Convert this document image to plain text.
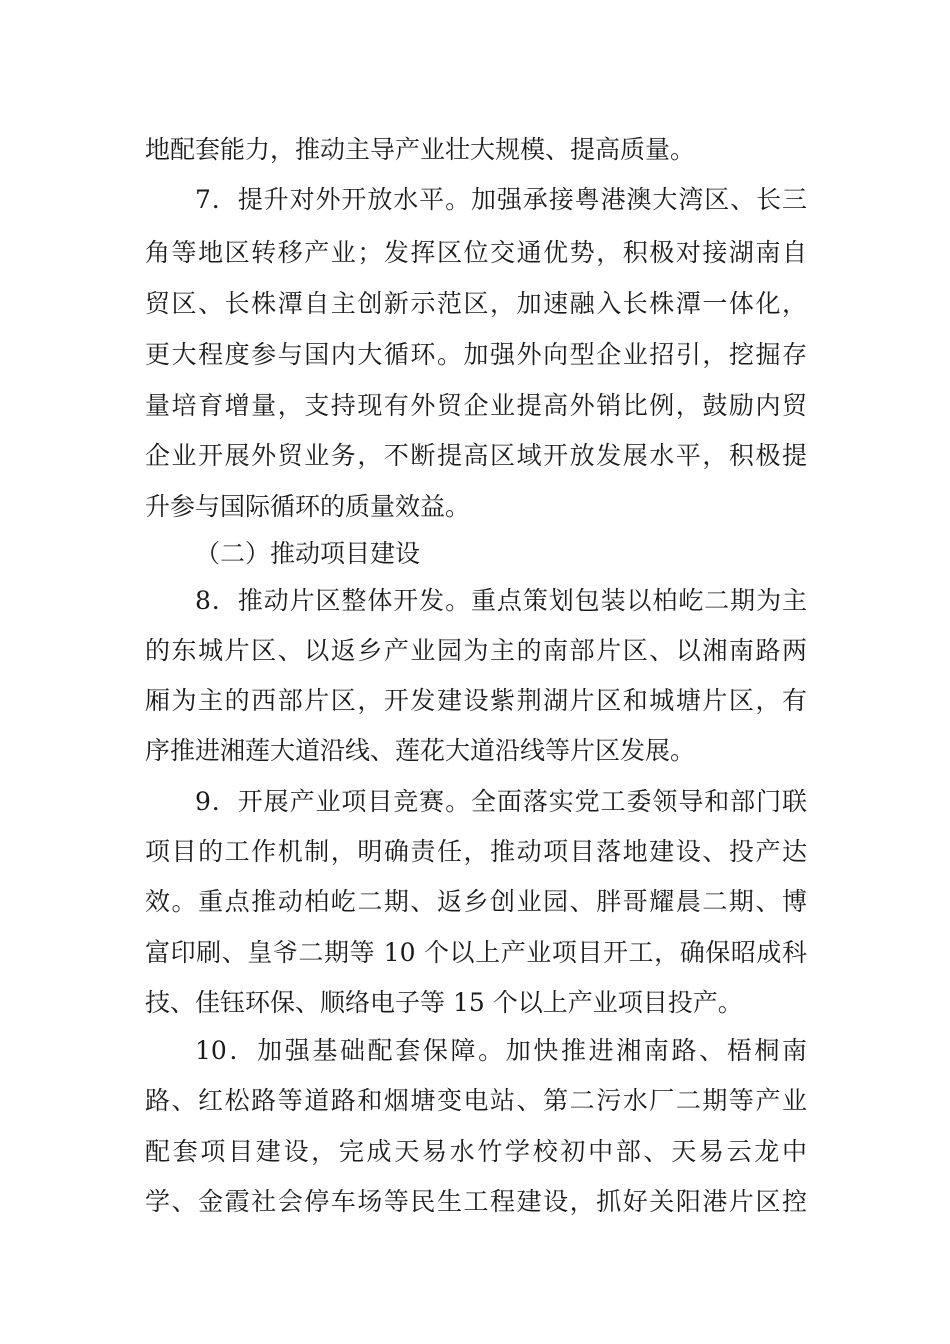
地配套能力，推动主导产业壮大规模、提高质量。
7．提升对外开放水平。加强承接粤港澳大湾区、长三
角等地区转移产业；发挥区位交通优势，积极对接湖南自
贸区、长株潭自主创新示范区，加速融入长株潭一体化，
更大程度参与国内大循环。加强外向型企业招引，挖掘存
量培育增量，支持现有外贸企业提高外销比例，鼓励内贸
企业开展外贸业务，不断提高区域开放发展水平，积极提
升参与国际循环的质量效益。
（二）推动项目建设
8．推动片区整体开发。重点策划包装以柏屹二期为主
的东城片区、以返乡产业园为主的南部片区、以湘南路两
厢为主的西部片区，开发建设紫荆湖片区和城塘片区，有
序推进湘莲大道沿线、莲花大道沿线等片区发展。
9．开展产业项目竞赛。全面落实党工委领导和部门联
项目的工作机制，明确责任，推动项目落地建设、投产达
效。重点推动柏屹二期、返乡创业园、胖哥耀晨二期、博
富印刷、皇爷二期等 10 个以上产业项目开工，确保昭成科
技、佳钰环保、顺络电子等 15 个以上产业项目投产。
10．加强基础配套保障。加快推进湘南路、梧桐南
路、红松路等道路和烟塘变电站、第二污水厂二期等产业
配套项目建设，完成天易水竹学校初中部、天易云龙中
学、金霞社会停车场等民生工程建设，抓好关阳港片区控
